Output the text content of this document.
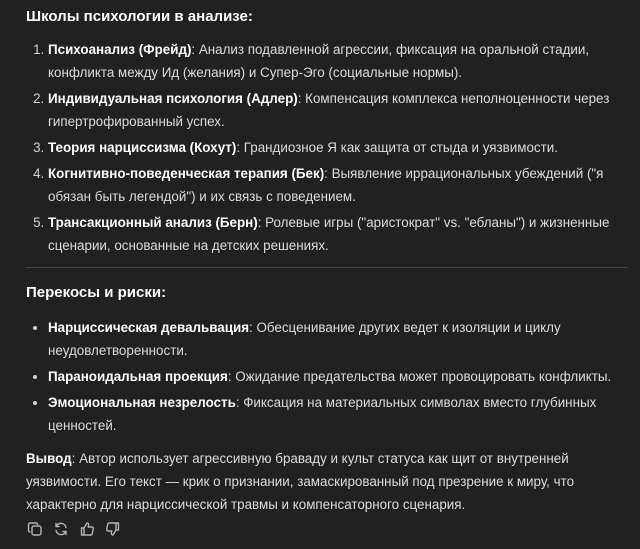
Школы психологии в анализе:
1. Психоанализ (Фрейд): Анализ подавленной агрессии, фиксация на оральной стадии, конфликта между Ид (желания) и Супер-Эго (социальные нормы).
2. Индивидуальная психология (Адлер): Компенсация комплекса неполноценности через гипертрофированный успех.
3. Теория нарциссизма (Кохут): Грандиозное Я как защита от стыда и уязвимости.
4. Когнитивно-поведенческая терапия (Бек): Выявление иррациональных убеждений ("я обязан быть легендой") и их связь с поведением.
5. Трансакционный анализ (Берн): Ролевые игры ("аристократ" vs. "ебланы") и жизненные сценарии, основанные на детских решениях.
Перекосы и риски:
• Нарциссическая девальвация: Обесценивание других ведет к изоляции и циклу неудовлетворенности.
• Параноидальная проекция: Ожидание предательства может провоцировать конфликты.
• Эмоциональная незрелость: Фиксация на материальных символах вместо глубинных ценностей.

Вывод: Автор использует агрессивную браваду и культ статуса как щит от внутренней уязвимости. Его текст — крик о признании, замаскированный под презрение к миру, что характерно для нарциссической травмы и компенсаторного сценария.
